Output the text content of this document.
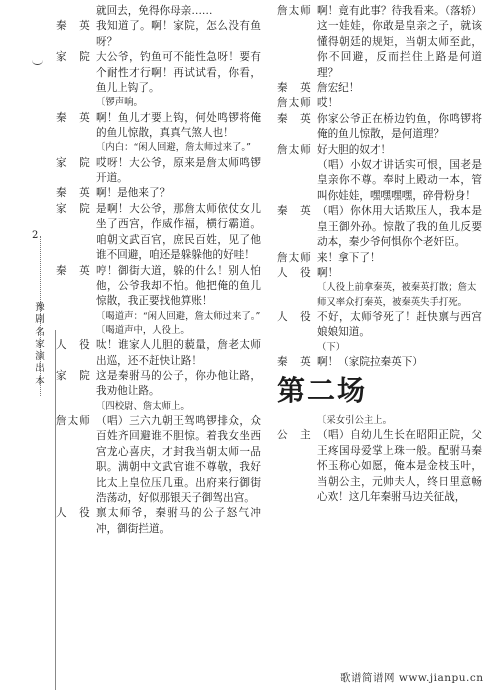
2
豫剧名家演出本
就回去，免得你母亲……
秦　英 我知道了。啊！家院，怎么没有鱼呀？
家　院 大公爷，钓鱼可不能性急呀！要有个耐性才行啊！再试试看，你看，鱼儿上钩了。
〔锣声响。
秦　英 啊！鱼儿才要上钩，何处鸣锣将俺的鱼儿惊散，真真气煞人也！
〔内白：“闲人回避，詹太师过来了。”
家　院 哎呀！大公爷，原来是詹太师鸣锣开道。
秦　英 啊！是他来了？
家　院 是啊！大公爷，那詹太师依仗女儿坐了西宫，作威作福，横行霸道。咱朝文武百官，庶民百姓，见了他谁不回避，咱还是躲躲他的好哇！
秦　英 哼！御街大道，躲的什么！别人怕他，公爷我却不怕。他把俺的鱼儿惊散，我正要找他算账！
〔喝道声：“闲人回避，詹太师过来了。”
〔喝道声中，人役上。
人　役 呔！谁家人儿胆的藐量，詹老太师出巡，还不赶快让路！
家　院 这是秦驸马的公子，你办他让路，我劝他让路。
〔四校尉、詹太师上。
詹太师 （唱）三六九朝王驾鸣锣排众，众百姓齐回避谁不胆惊。着我女坐西宫龙心喜庆，才封我当朝太师一品职。满朝中文武官谁不尊敬，我好比太上皇位压几重。出府来行御街浩荡动，好似那银天子御驾出宫。
人　役 禀太师爷，秦驸马的公子怒气冲冲，御街拦道。
詹太师 啊！竟有此事？待我看来。（落轿）这一娃娃，你敢是皇亲之子，就该懂得朝廷的规矩，当朝太师至此，你不回避，反而拦住上路是何道理？
秦　英 詹宏纪！
詹太师 哎！
秦　英 你家公爷正在桥边钓鱼，你鸣锣将俺的鱼儿惊散，是何道理？
詹太师 好大胆的奴才！
（唱）小奴才讲话实可恨，国老是皇亲你不尊。奉时上殿动一本，管叫你娃娃，嘿嘿嘿嘿，碎骨粉身！
秦　英 （唱）你休用大话欺压人，我本是皇王御外孙。惊散了我的鱼儿反要动本，秦少爷何惧你个老奸臣。
詹太师 来！拿下了！
人　役 啊！
〔人役上前拿秦英，被秦英打散；詹太师又率众打秦英，被秦英失手打死。
人　役 不好，太师爷死了！赶快禀与西宫娘娘知道。
（下）
秦　英 啊！（家院拉秦英下）
第二场
〔采女引公主上。
公　主 （唱）自幼儿生长在昭阳正院，父王疼国母爱掌上珠一般。配驸马秦怀玉称心如愿，俺本是金枝玉叶，当朝公主，元帅夫人，终日里意畅心欢！这几年秦驸马边关征战，
歌谱简谱网 www.jianpu.cn
